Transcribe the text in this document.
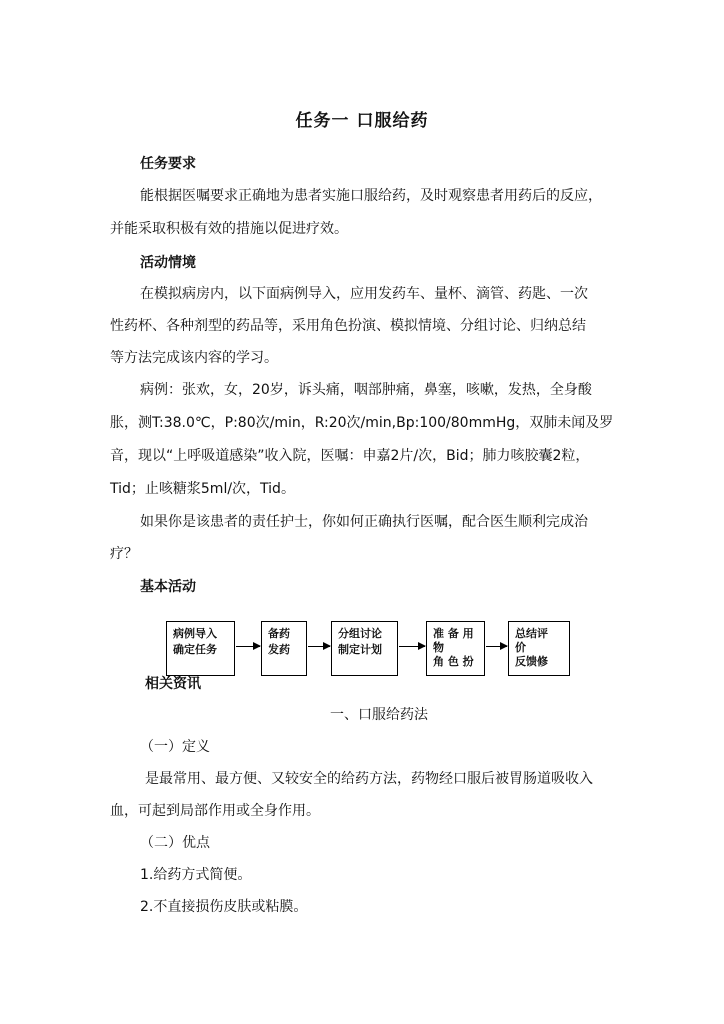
任务一 口服给药
任务要求
能根据医嘱要求正确地为患者实施口服给药，及时观察患者用药后的反应，
并能采取积极有效的措施以促进疗效。
活动情境
在模拟病房内，以下面病例导入，应用发药车、量杯、滴管、药匙、一次
性药杯、各种剂型的药品等，采用角色扮演、模拟情境、分组讨论、归纳总结
等方法完成该内容的学习。
病例：张欢，女，20岁，诉头痛，咽部肿痛，鼻塞，咳嗽，发热，全身酸
胀，测T:38.0℃，P:80次/min，R:20次/min,Bp:100/80mmHg，双肺未闻及罗
音，现以“上呼吸道感染”收入院，医嘱：申嘉2片/次，Bid；肺力咳胶囊2粒，
Tid；止咳糖浆5ml/次，Tid。
如果你是该患者的责任护士，你如何正确执行医嘱，配合医生顺利完成治
疗？
基本活动
病例导入
确定任务
备药
发药
分组讨论
制定计划
准 备 用
物
角 色 扮
总结评
价
反馈修
相关资讯
一、口服给药法
（一）定义
是最常用、最方便、又较安全的给药方法，药物经口服后被胃肠道吸收入
血，可起到局部作用或全身作用。
（二）优点
1.给药方式简便。
2.不直接损伤皮肤或粘膜。
